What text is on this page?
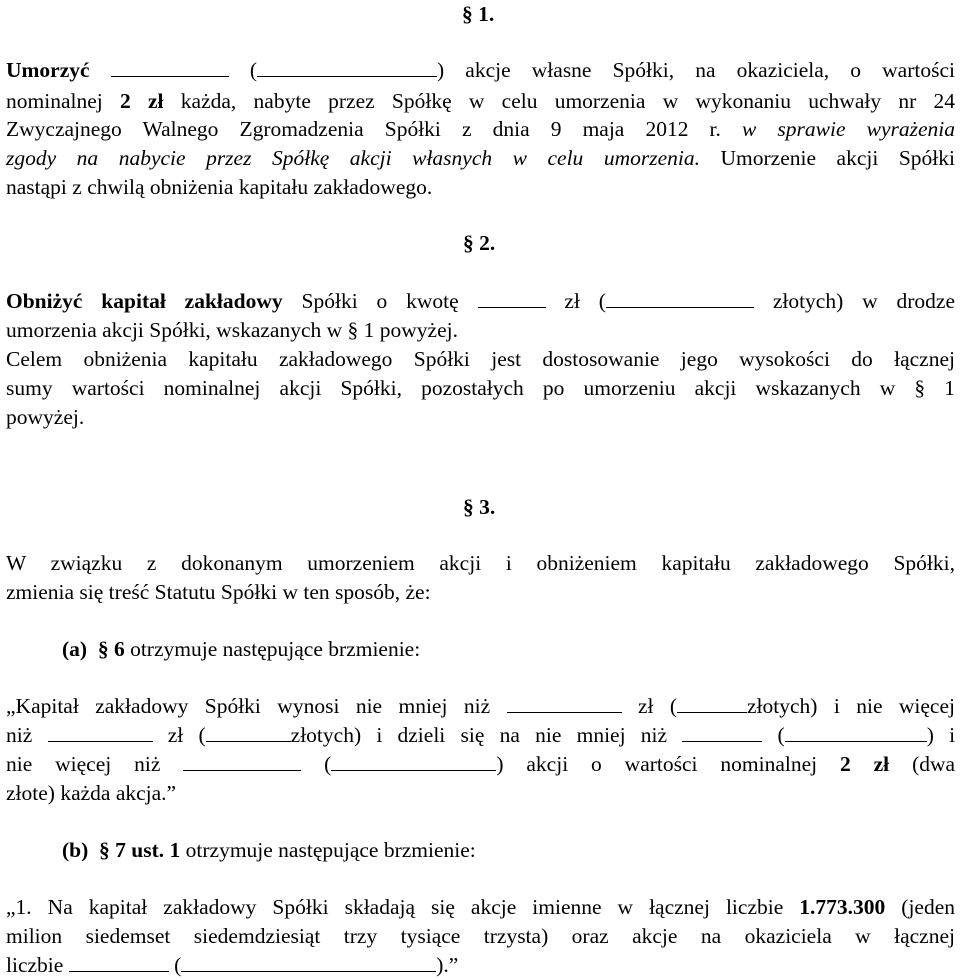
§ 1.
Umorzyć	(	) akcje własne Spółki, na okaziciela, o wartości
nominalnej 2 zł każda, nabyte przez Spółkę w celu umorzenia w wykonaniu uchwały nr 24
Zwyczajnego Walnego Zgromadzenia Spółki z dnia 9 maja 2012 r. w sprawie wyrażenia
zgody na nabycie przez Spółkę akcji własnych w celu umorzenia. Umorzenie akcji Spółki
nastąpi z chwilą obniżenia kapitału zakładowego.
§ 2.
Obniżyć kapitał zakładowy Spółki o kwotę	zł (	złotych) w drodze
umorzenia akcji Spółki, wskazanych w § 1 powyżej.
Celem obniżenia kapitału zakładowego Spółki jest dostosowanie jego wysokości do łącznej
sumy wartości nominalnej akcji Spółki, pozostałych po umorzeniu akcji wskazanych w § 1
powyżej.
§ 3.
W związku z dokonanym umorzeniem akcji i obniżeniem kapitału zakładowego Spółki,
zmienia się treść Statutu Spółki w ten sposób, że:
(a) § 6 otrzymuje następujące brzmienie:
„Kapitał zakładowy Spółki wynosi nie mniej niż	zł (	złotych) i nie więcej
niż	zł (	złotych) i dzieli się na nie mniej niż	(	) i
nie więcej niż	(	) akcji o wartości nominalnej 2 zł (dwa
złote) każda akcja.”
(b) § 7 ust. 1 otrzymuje następujące brzmienie:
„1. Na kapitał zakładowy Spółki składają się akcje imienne w łącznej liczbie 1.773.300 (jeden
milion siedemset siedemdziesiąt trzy tysiące trzysta) oraz akcje na okaziciela w łącznej
liczbie	(	).”
